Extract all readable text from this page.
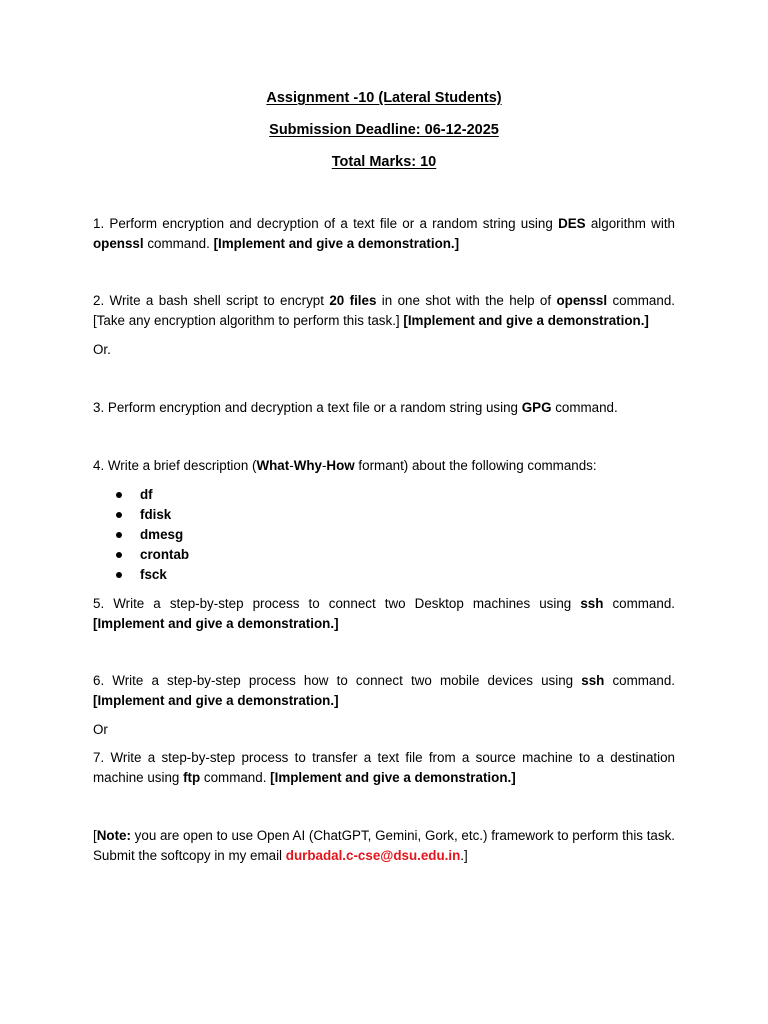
Assignment -10 (Lateral Students)
Submission Deadline: 06-12-2025
Total Marks: 10

1. Perform encryption and decryption of a text file or a random string using DES algorithm with openssl command. [Implement and give a demonstration.]

2. Write a bash shell script to encrypt 20 files in one shot with the help of openssl command. [Take any encryption algorithm to perform this task.] [Implement and give a demonstration.]

Or.

3. Perform encryption and decryption a text file or a random string using GPG command.

4. Write a brief description (What-Why-How formant) about the following commands:

df
fdisk
dmesg
crontab
fsck

5. Write a step-by-step process to connect two Desktop machines using ssh command. [Implement and give a demonstration.]

6. Write a step-by-step process how to connect two mobile devices using ssh command. [Implement and give a demonstration.]

Or

7. Write a step-by-step process to transfer a text file from a source machine to a destination machine using ftp command. [Implement and give a demonstration.]

[Note: you are open to use Open AI (ChatGPT, Gemini, Gork, etc.) framework to perform this task. Submit the softcopy in my email durbadal.c-cse@dsu.edu.in.]
